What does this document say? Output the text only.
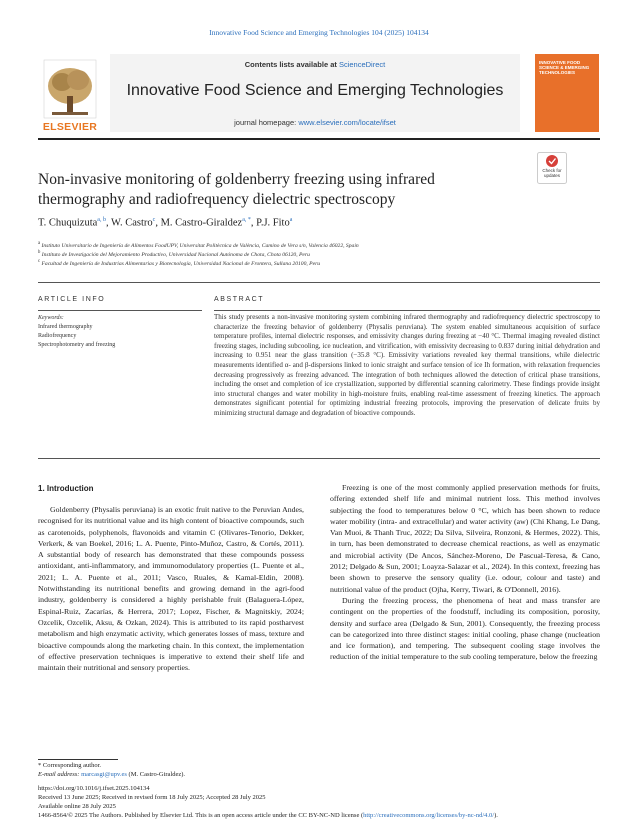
Innovative Food Science and Emerging Technologies 104 (2025) 104134
ELSEVIER
Contents lists available at ScienceDirect
Innovative Food Science and Emerging Technologies
journal homepage: www.elsevier.com/locate/ifset
INNOVATIVE FOOD SCIENCE & EMERGING TECHNOLOGIES
Check for updates
Non-invasive monitoring of goldenberry freezing using infrared thermography and radiofrequency dielectric spectroscopy
T. Chuquizuta$^{a, b}$, W. Castro$^c$, M. Castro-Giraldez$^{a, *}$, P.J. Fito$^a$
$^a$ Instituto Universitario de Ingeniería de Alimentos FoodUPV, Universitat Politècnica de València, Camino de Vera s/n, Valencia 46022, Spain
$^b$ Instituto de Investigación del Mejoramiento Productivo, Universidad Nacional Autónoma de Chota, Chota 06120, Peru
$^c$ Facultad de Ingeniería de Industrias Alimentarias y Biotecnología, Universidad Nacional de Frontera, Sullana 20100, Peru
ARTICLE INFO	ABSTRACT
Keywords:
Infrared thermography
Radiofrequency
Spectrophotometry and freezing
This study presents a non-invasive monitoring system combining infrared thermography and radiofrequency dielectric spectroscopy to characterize the freezing behavior of goldenberry (Physalis peruviana). The system enabled simultaneous acquisition of surface temperature profiles, internal dielectric responses, and emissivity changes during freezing at −40 °C. Thermal imaging revealed distinct freezing stages, including subcooling, ice nucleation, and vitrification, with emissivity decreasing to 0.837 during initial dehydration and increasing to 0.951 near the glass transition (−35.8 °C). Emissivity variations revealed key thermal transitions, while dielectric measurements identified α- and β-dispersions linked to ionic straight and surface tension of ice Ih formation, with relaxation frequencies decreasing progressively as freezing advanced. The integration of both techniques allowed the detection of critical phase transitions, including the onset and completion of ice crystallization, supported by differential scanning calorimetry. These findings provide insight into structural changes and water mobility in high-moisture fruits, enabling real-time assessment of freezing kinetics. The approach demonstrates significant potential for optimizing industrial freezing protocols, improving the preservation of delicate fruits by minimizing structural damage and degradation of bioactive compounds.
1. Introduction

Goldenberry (Physalis peruviana) is an exotic fruit native to the Peruvian Andes, recognised for its nutritional value and its high content of bioactive compounds, such as carotenoids, polyphenols, flavonoids and vitamin C (Olivares-Tenorio, Dekker, Verkerk, & van Boekel, 2016; L. A. Puente, Pinto-Muñoz, Castro, & Cortés, 2011). A substantial body of research has demonstrated that these compounds possess antioxidant, anti-inflammatory, and immunomodulatory properties (L. Puente et al., 2021; L. A. Puente et al., 2011; Vasco, Ruales, & Kamal-Eldin, 2008). Notwithstanding its nutritional benefits and growing demand in the agri-food industry, goldenberry is considered a highly perishable fruit (Balaguera-López, Espinal-Ruiz, Zacarías, & Herrera, 2017; Lopez, Fischer, & Magnitskiy, 2024; Ozcelik, Ozcelik, Aksu, & Ozkan, 2024). This is attributed to its rapid postharvest metabolism and high enzymatic activity, which generates losses of mass, texture and bioactive compounds along the marketing chain. In this context, the implementation of effective preservation techniques is imperative to extend their shelf life and maintain their nutritional and sensory properties.

Freezing is one of the most commonly applied preservation methods for fruits, offering extended shelf life and minimal nutrient loss. This method involves subjecting the food to temperatures below 0 °C, which has been shown to reduce water mobility (intra- and extracellular) and water activity (aw) (Chi Khang, Le Dang, Van Muoi, & Thanh Truc, 2022; Da Silva, Silveira, Ronzoni, & Hermes, 2022). This, in turn, has been demonstrated to decrease chemical reactions, as well as enzymatic and microbial activity (De Ancos, Sánchez-Moreno, De Pascual-Teresa, & Cano, 2012; Delgado & Sun, 2001; Loayza-Salazar et al., 2024). In this context, freezing has been shown to preserve the sensory quality (i.e. odour, colour and taste) and nutritional value of the product (Ojha, Kerry, Tiwari, & O'Donnell, 2016).

During the freezing process, the phenomena of heat and mass transfer are contingent on the properties of the foodstuff, including its composition, porosity, density and surface area (Delgado & Sun, 2001). Consequently, the freezing process can be categorized into three distinct stages: initial cooling, phase change (nucleation and ice formation), and tempering. The subsequent cooling stage involves the reduction of the initial temperature to the sub cooling temperature, below the freezing

* Corresponding author.
E-mail address: marcasgi@upv.es (M. Castro-Giraldez).
https://doi.org/10.1016/j.ifset.2025.104134
Received 13 June 2025; Received in revised form 18 July 2025; Accepted 28 July 2025
Available online 28 July 2025
1466-8564/© 2025 The Authors. Published by Elsevier Ltd. This is an open access article under the CC BY-NC-ND license (http://creativecommons.org/licenses/by-nc-nd/4.0/).
